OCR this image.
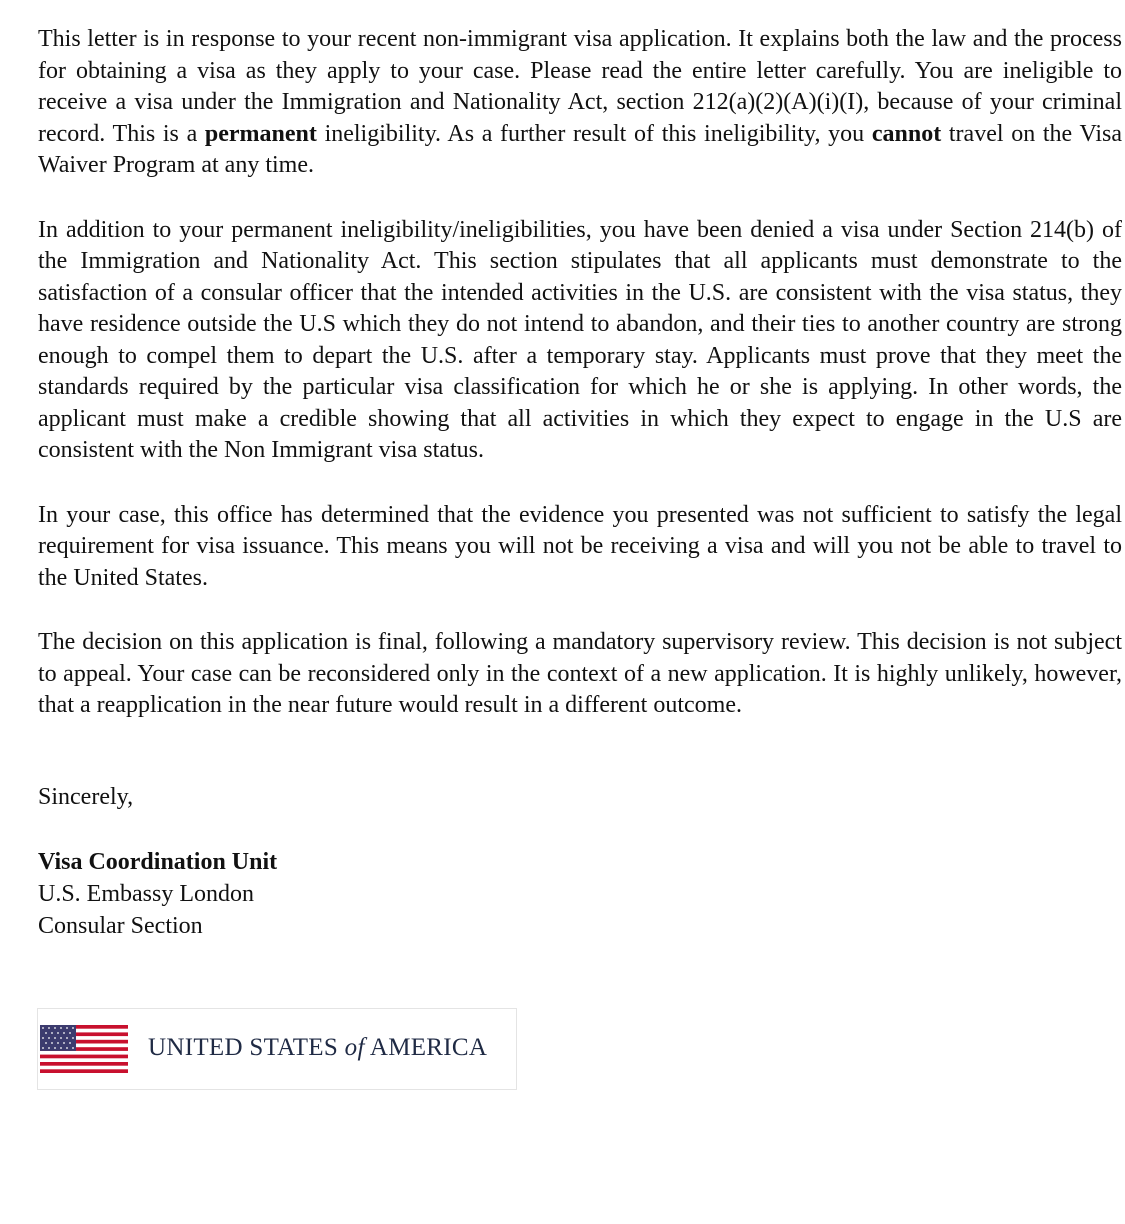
This letter is in response to your recent non-immigrant visa application. It explains both the law and the process for obtaining a visa as they apply to your case. Please read the entire letter carefully. You are ineligible to receive a visa under the Immigration and Nationality Act, section 212(a)(2)(A)(i)(I), because of your criminal record. This is a permanent ineligibility. As a further result of this ineligibility, you cannot travel on the Visa Waiver Program at any time.

In addition to your permanent ineligibility/ineligibilities, you have been denied a visa under Section 214(b) of the Immigration and Nationality Act. This section stipulates that all applicants must demonstrate to the satisfaction of a consular officer that the intended activities in the U.S. are consistent with the visa status, they have residence outside the U.S which they do not intend to abandon, and their ties to another country are strong enough to compel them to depart the U.S. after a temporary stay. Applicants must prove that they meet the standards required by the particular visa classification for which he or she is applying. In other words, the applicant must make a credible showing that all activities in which they expect to engage in the U.S are consistent with the Non Immigrant visa status.

In your case, this office has determined that the evidence you presented was not sufficient to satisfy the legal requirement for visa issuance. This means you will not be receiving a visa and will you not be able to travel to the United States.

The decision on this application is final, following a mandatory supervisory review. This decision is not subject to appeal. Your case can be reconsidered only in the context of a new application. It is highly unlikely, however, that a reapplication in the near future would result in a different outcome.

Sincerely,

Visa Coordination Unit
U.S. Embassy London
Consular Section
UNITED STATES of AMERICA
